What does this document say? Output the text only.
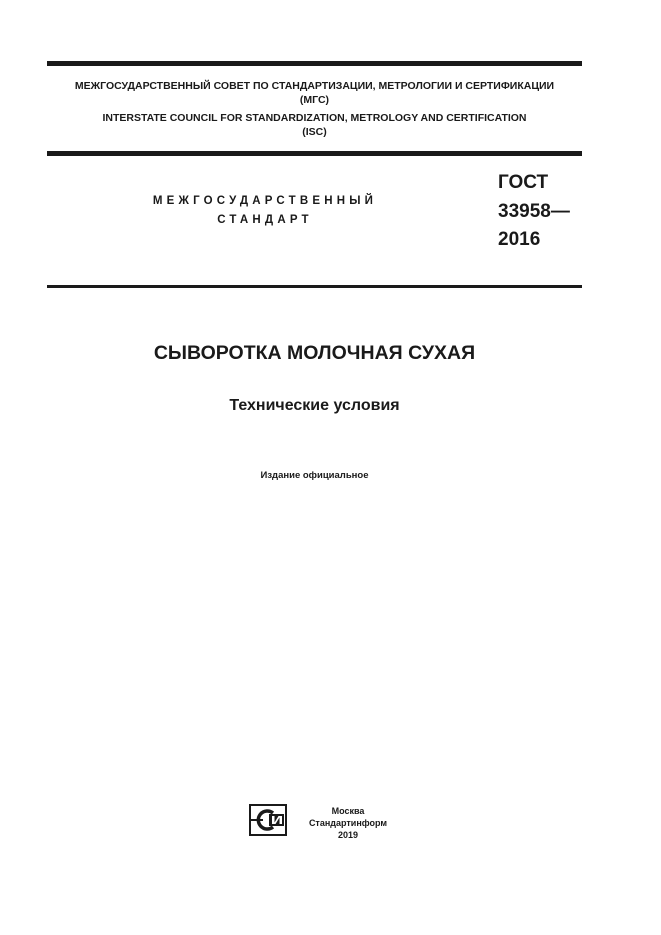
МЕЖГОСУДАРСТВЕННЫЙ СОВЕТ ПО СТАНДАРТИЗАЦИИ, МЕТРОЛОГИИ И СЕРТИФИКАЦИИ
(МГС)
INTERSTATE COUNCIL FOR STANDARDIZATION, METROLOGY AND CERTIFICATION
(ISC)
МЕЖГОСУДАРСТВЕННЫЙ
СТАНДАРТ
ГОСТ
33958—
2016
СЫВОРОТКА МОЛОЧНАЯ СУХАЯ
Технические условия
Издание официальное
Москва
Стандартинформ
2019
